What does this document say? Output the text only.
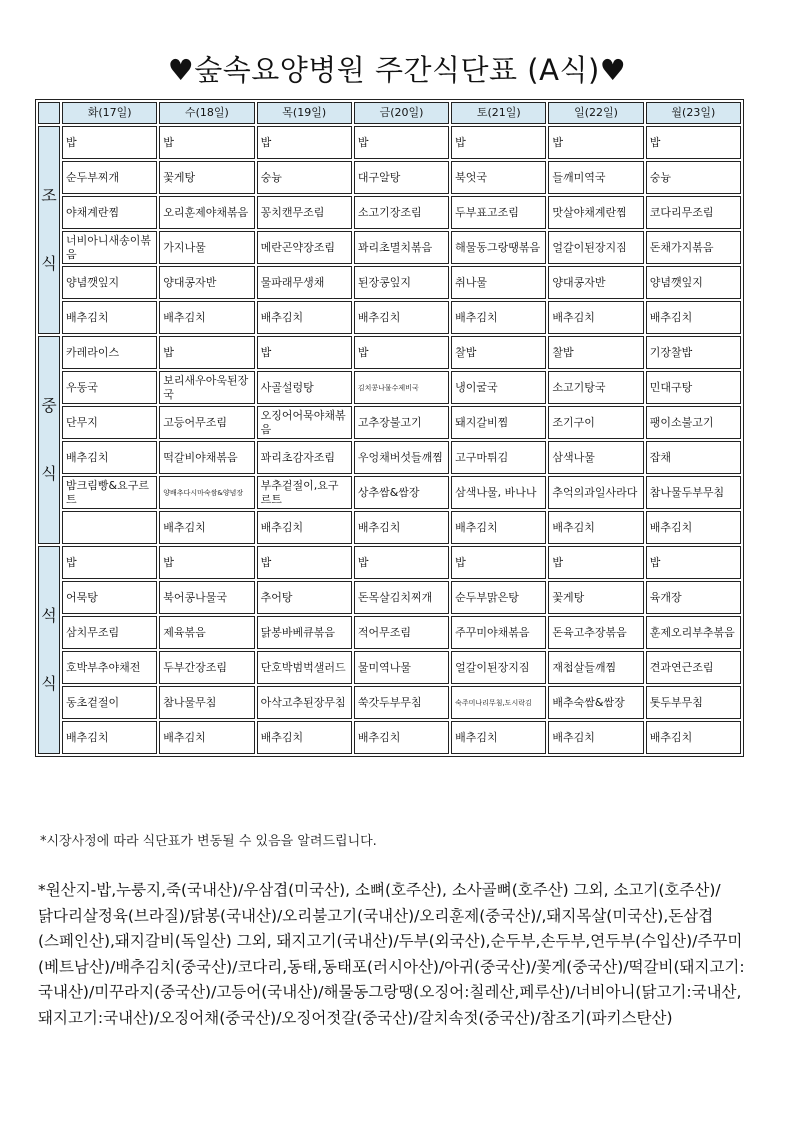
♥숲속요양병원 주간식단표 (A식)♥
	화(17일)	수(18일)	목(19일)	금(20일)	토(21일)	일(22일)	월(23일)
조

식	밥	밥	밥	밥	밥	밥	밥
	순두부찌개	꽃게탕	숭늉	대구알탕	북엇국	들깨미역국	숭늉
	야채계란찜	오리훈제야채볶음	꽁치캔무조림	소고기장조림	두부표고조림	맛살야채계란찜	코다리무조림
	너비아니새송이볶음	가지나물	메란곤약장조림	꽈리초멸치볶음	해물동그랑땡볶음	얼갈이된장지짐	돈채가지볶음
	양념깻잎지	양대콩자반	물파래무생채	된장콩잎지	취나물	양대콩자반	양념깻잎지
	배추김치	배추김치	배추김치	배추김치	배추김치	배추김치	배추김치
중

식	카레라이스	밥	밥	밥	찰밥	찰밥	기장찰밥
	우동국	보리새우아욱된장국	사골설렁탕	김치콩나물수제비국	냉이굴국	소고기탕국	민대구탕
	단무지	고등어무조림	오징어어묵야채볶음	고추장불고기	돼지갈비찜	조기구이	팽이소불고기
	배추김치	떡갈비야채볶음	꽈리초감자조림	우엉채버섯들깨찜	고구마튀김	삼색나물	잡채
	밤크림빵&요구르트	양배추다시마숙쌈&양념장	부추겉절이,요구르트	상추쌈&쌈장	삼색나물, 바나나	추억의과일사라다	참나물두부무침
		배추김치	배추김치	배추김치	배추김치	배추김치	배추김치
석

식	밥	밥	밥	밥	밥	밥	밥
	어묵탕	북어콩나물국	추어탕	돈목살김치찌개	순두부맑은탕	꽃게탕	육개장
	삼치무조림	제육볶음	닭봉바베큐볶음	적어무조림	주꾸미야채볶음	돈육고추장볶음	훈제오리부추볶음
	호박부추야채전	두부간장조림	단호박범벅샐러드	물미역나물	얼갈이된장지짐	재첩살들깨찜	견과연근조림
	동초겉절이	참나물무침	아삭고추된장무침	쑥갓두부무침	숙주미나리무침,도시락김	배추숙쌈&쌈장	톳두부무침
	배추김치	배추김치	배추김치	배추김치	배추김치	배추김치	배추김치
*시장사정에 따라 식단표가 변동될 수 있음을 알려드립니다.
*원산지-밥,누룽지,죽(국내산)/우삼겹(미국산), 소뼈(호주산), 소사골뼈(호주산) 그외, 소고기(호주산)/닭다리살정육(브라질)/닭봉(국내산)/오리불고기(국내산)/오리훈제(중국산)/,돼지목살(미국산),돈삼겹(스페인산),돼지갈비(독일산) 그외, 돼지고기(국내산)/두부(외국산),순두부,손두부,연두부(수입산)/주꾸미(베트남산)/배추김치(중국산)/코다리,동태,동태포(러시아산)/아귀(중국산)/꽃게(중국산)/떡갈비(돼지고기:국내산)/미꾸라지(중국산)/고등어(국내산)/해물동그랑땡(오징어:칠레산,페루산)/너비아니(닭고기:국내산,돼지고기:국내산)/오징어채(중국산)/오징어젓갈(중국산)/갈치속젓(중국산)/참조기(파키스탄산)
